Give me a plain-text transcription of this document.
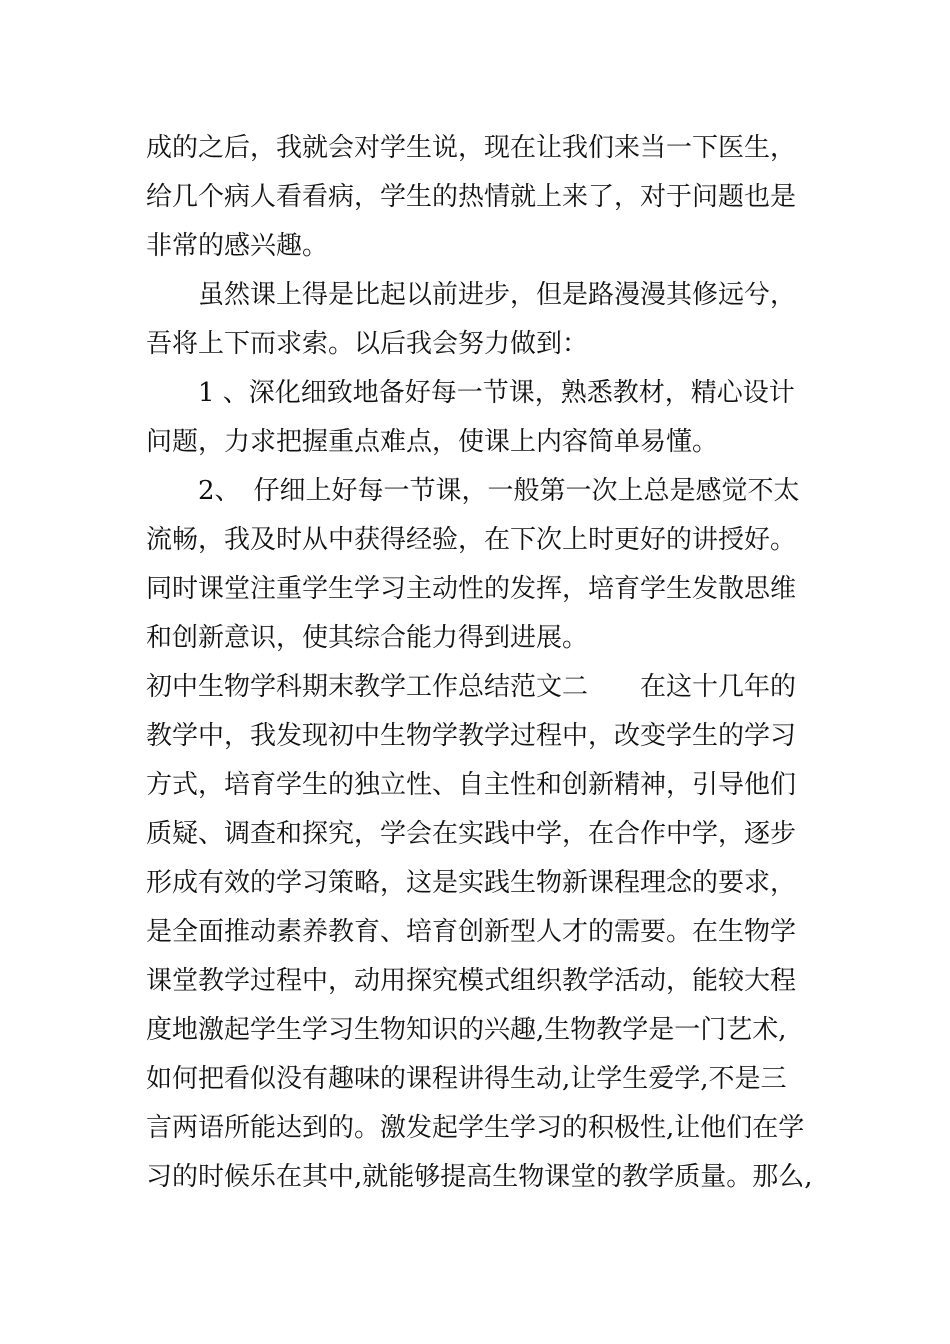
成的之后，我就会对学生说，现在让我们来当一下医生，
给几个病人看看病，学生的热情就上来了，对于问题也是
非常的感兴趣。
虽然课上得是比起以前进步，但是路漫漫其修远兮，
吾将上下而求索。以后我会努力做到：
1 、深化细致地备好每一节课，熟悉教材，精心设计
问题，力求把握重点难点，使课上内容简单易懂。
2、　仔细上好每一节课，一般第一次上总是感觉不太
流畅，我及时从中获得经验，在下次上时更好的讲授好。
同时课堂注重学生学习主动性的发挥，培育学生发散思维
和创新意识，使其综合能力得到进展。
初中生物学科期末教学工作总结范文二　　在这十几年的
教学中，我发现初中生物学教学过程中，改变学生的学习
方式，培育学生的独立性、自主性和创新精神，引导他们
质疑、调查和探究，学会在实践中学，在合作中学，逐步
形成有效的学习策略，这是实践生物新课程理念的要求，
是全面推动素养教育、培育创新型人才的需要。在生物学
课堂教学过程中，动用探究模式组织教学活动，能较大程
度地激起学生学习生物知识的兴趣,生物教学是一门艺术,
如何把看似没有趣味的课程讲得生动,让学生爱学,不是三
言两语所能达到的。激发起学生学习的积极性,让他们在学
习的时候乐在其中,就能够提高生物课堂的教学质量。那么,
